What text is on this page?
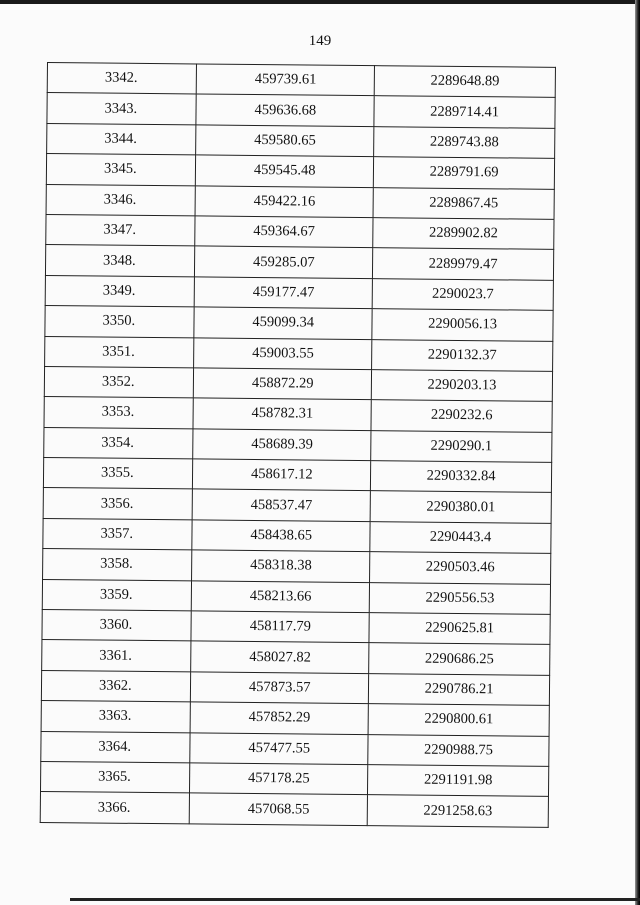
149
3342.	459739.61	2289648.89
3343.	459636.68	2289714.41
3344.	459580.65	2289743.88
3345.	459545.48	2289791.69
3346.	459422.16	2289867.45
3347.	459364.67	2289902.82
3348.	459285.07	2289979.47
3349.	459177.47	2290023.7
3350.	459099.34	2290056.13
3351.	459003.55	2290132.37
3352.	458872.29	2290203.13
3353.	458782.31	2290232.6
3354.	458689.39	2290290.1
3355.	458617.12	2290332.84
3356.	458537.47	2290380.01
3357.	458438.65	2290443.4
3358.	458318.38	2290503.46
3359.	458213.66	2290556.53
3360.	458117.79	2290625.81
3361.	458027.82	2290686.25
3362.	457873.57	2290786.21
3363.	457852.29	2290800.61
3364.	457477.55	2290988.75
3365.	457178.25	2291191.98
3366.	457068.55	2291258.63
